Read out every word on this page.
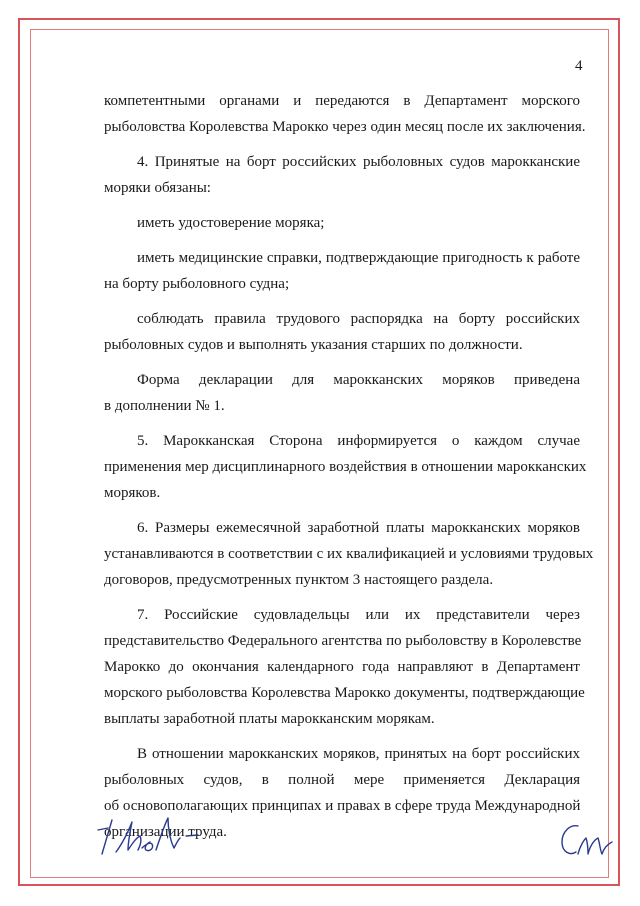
4
компетентными органами и передаются в Департамент морского
рыболовства Королевства Марокко через один месяц после их заключения.
4. Принятые на борт российских рыболовных судов марокканские
моряки обязаны:
иметь удостоверение моряка;
иметь медицинские справки, подтверждающие пригодность к работе
на борту рыболовного судна;
соблюдать правила трудового распорядка на борту российских
рыболовных судов и выполнять указания старших по должности.
Форма декларации для марокканских моряков приведена
в дополнении № 1.
5. Марокканская Сторона информируется о каждом случае
применения мер дисциплинарного воздействия в отношении марокканских
моряков.
6. Размеры ежемесячной заработной платы марокканских моряков
устанавливаются в соответствии с их квалификацией и условиями трудовых
договоров, предусмотренных пунктом 3 настоящего раздела.
7. Российские судовладельцы или их представители через
представительство Федерального агентства по рыболовству в Королевстве
Марокко до окончания календарного года направляют в Департамент
морского рыболовства Королевства Марокко документы, подтверждающие
выплаты заработной платы марокканским морякам.
В отношении марокканских моряков, принятых на борт российских
рыболовных судов, в полной мере применяется Декларация
об основополагающих принципах и правах в сфере труда Международной
организации труда.
